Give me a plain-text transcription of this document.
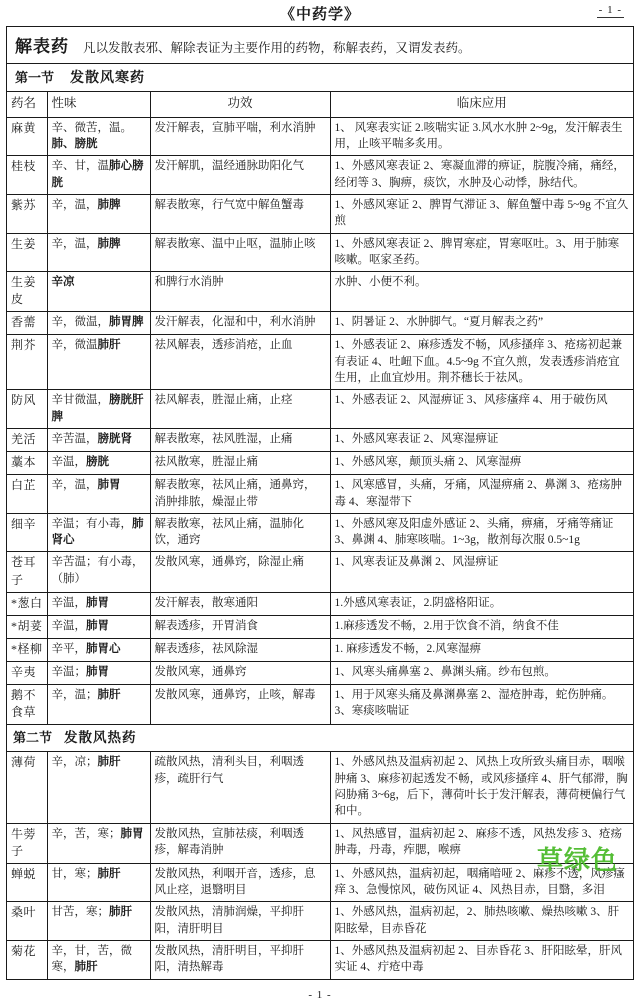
《中药学》	- 1 -
解表药 凡以发散表邪、解除表证为主要作用的药物，称解表药，又谓发表药。
第一节 发散风寒药
药名	性味	功效	临床应用
麻黄	辛、微苦，温。肺、膀胱	发汗解表，宣肺平喘，利水消肿	1、 风寒表实证 2.咳喘实证 3.风水水肿 2~9g，发汗解表生用，止咳平喘多炙用。
桂枝	辛、甘，温肺心膀胱	发汗解肌，温经通脉助阳化气	1、外感风寒表证 2、寒凝血滞的痹证，脘腹冷痛，痛经，经闭等 3、胸痹，痰饮，水肿及心动悸，脉结代。
紫苏	辛，温，肺脾	解表散寒，行气宽中解鱼蟹毒	1、外感风寒证 2、脾胃气滞证 3、解鱼蟹中毒 5~9g 不宜久煎
生姜	辛，温，肺脾	解表散寒、温中止呕，温肺止咳	1、外感风寒表证 2、脾胃寒症，胃寒呕吐。3、用于肺寒咳嗽。呕家圣药。
生姜皮	辛凉	和脾行水消肿	水肿、小便不利。
香薷	辛，微温，肺胃脾	发汗解表，化湿和中，利水消肿	1、阴暑证 2、水肿脚气。“夏月解表之药”
荆芥	辛，微温肺肝	祛风解表，透疹消疮，止血	1、外感表证 2、麻疹透发不畅，风疹搔痒 3、疮疡初起兼有表证 4、吐衄下血。4.5~9g 不宜久煎，发表透疹消疮宜生用，止血宜炒用。荆芥穗长于祛风。
防风	辛甘微温，膀胱肝脾	祛风解表，胜湿止痛，止痉	1、外感表证 2、风湿痹证 3、风疹瘙痒 4、用于破伤风
羌活	辛苦温，膀胱肾	解表散寒，祛风胜湿，止痛	1、外感风寒表证 2、风寒湿痹证
藁本	辛温，膀胱	祛风散寒，胜湿止痛	1、外感风寒，颠顶头痛 2、风寒湿痹
白芷	辛，温，肺胃	解表散寒，祛风止痛，通鼻窍，消肿排脓，燥湿止带	1、风寒感冒，头痛，牙痛，风湿痹痛 2、鼻渊 3、疮疡肿毒 4、寒湿带下
细辛	辛温；有小毒，肺肾心	解表散寒，祛风止痛，温肺化饮，通窍	1、外感风寒及阳虚外感证 2、头痛，痹痛，牙痛等痛证 3、鼻渊 4、肺寒咳喘。1~3g，散剂每次服 0.5~1g
苍耳子	辛苦温；有小毒，（肺）	发散风寒，通鼻窍，除湿止痛	1、风寒表证及鼻渊 2、风湿痹证
*葱白	辛温，肺胃	发汗解表，散寒通阳	1.外感风寒表证，2.阴盛格阳证。
*胡荽	辛温，肺胃	解表透疹，开胃消食	1.麻疹透发不畅，2.用于饮食不消，纳食不佳
*柽柳	辛平，肺胃心	解表透疹，祛风除湿	1. 麻疹透发不畅，2.风寒湿痹
辛夷	辛温；肺胃	发散风寒，通鼻窍	1、风寒头痛鼻塞 2、鼻渊头痛。纱布包煎。
鹅不食草	辛，温；肺肝	发散风寒，通鼻窍，止咳，解毒	1、用于风寒头痛及鼻渊鼻塞 2、湿疮肿毒，蛇伤肿痛。3、寒痰咳喘证

第二节 发散风热药			

薄荷	辛，凉；肺肝	疏散风热，清利头目，利咽透疹，疏肝行气	1、外感风热及温病初起 2、风热上攻所致头痛目赤，咽喉肿痛 3、麻疹初起透发不畅，或风疹搔痒 4、肝气郁滞，胸闷胁痛 3~6g，后下，薄荷叶长于发汗解表，薄荷梗偏行气和中。
牛蒡子	辛，苦，寒；肺胃	发散风热，宣肺祛痰，利咽透疹，解毒消肿	1、风热感冒，温病初起 2、麻疹不透，风热发疹 3、疮疡肿毒，丹毒，痄腮，喉痹
蝉蜕	甘，寒；肺肝	发散风热，利咽开音，透疹，息风止痉，退翳明目	1、外感风热，温病初起，咽痛喑哑 2、麻疹不透，风疹瘙痒 3、急慢惊风，破伤风证 4、风热目赤，目翳，多泪
桑叶	甘苦，寒；肺肝	发散风热，清肺润燥，平抑肝阳，清肝明目	1、外感风热，温病初起，2、肺热咳嗽、燥热咳嗽 3、肝阳眩晕，目赤昏花
菊花	辛，甘，苦，微寒，肺肝	发散风热，清肝明目，平抑肝阳，清热解毒	1、外感风热及温病初起 2、目赤昏花 3、肝阳眩晕，肝风实证 4、疔疮中毒
- 1 -
草绿色
